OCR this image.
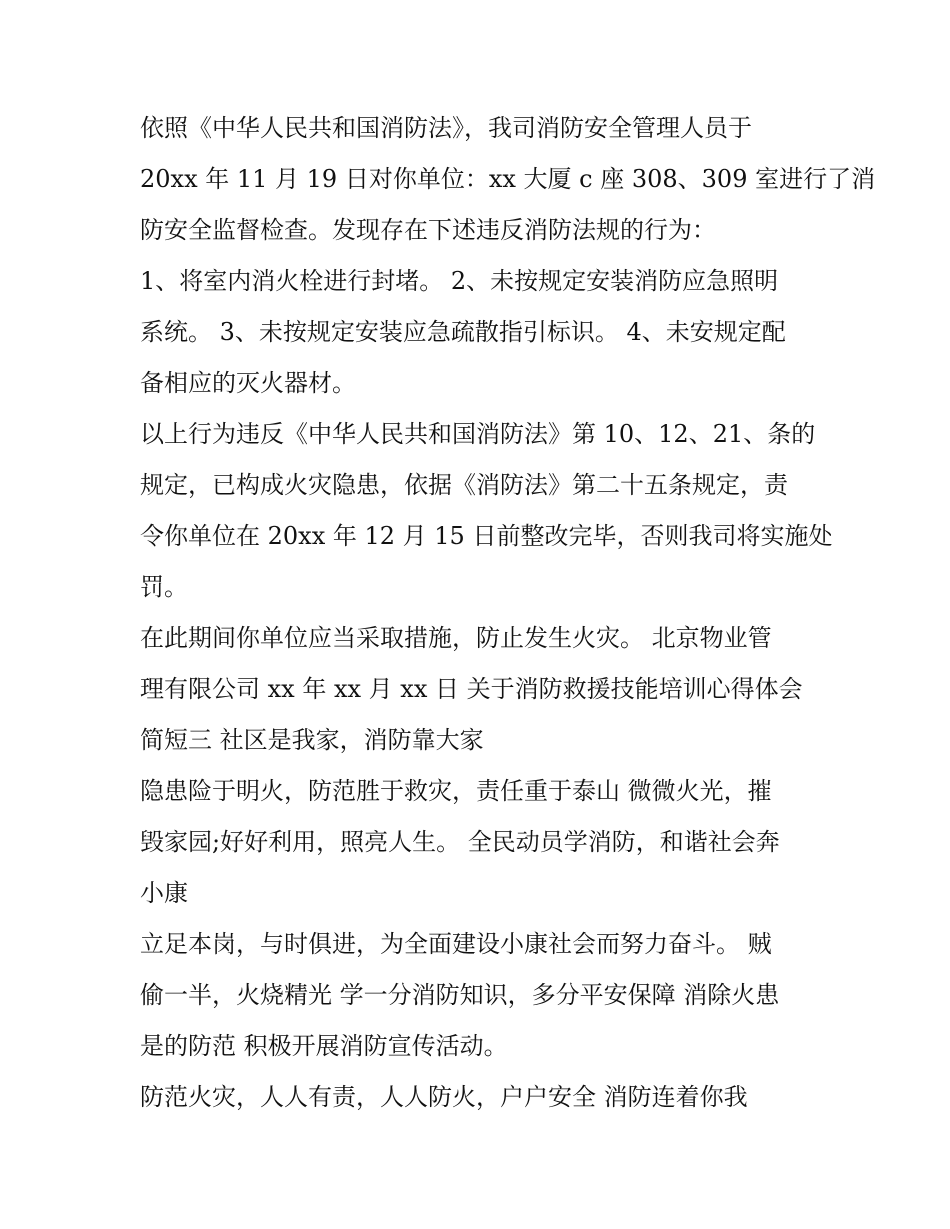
依照《中华人民共和国消防法》，我司消防安全管理人员于
20xx 年 11 月 19 日对你单位：xx 大厦 c 座 308、309 室进行了消
防安全监督检查。发现存在下述违反消防法规的行为：
1、将室内消火栓进行封堵。 2、未按规定安装消防应急照明
系统。 3、未按规定安装应急疏散指引标识。 4、未安规定配
备相应的灭火器材。
以上行为违反《中华人民共和国消防法》第 10、12、21、条的
规定，已构成火灾隐患，依据《消防法》第二十五条规定，责
令你单位在 20xx 年 12 月 15 日前整改完毕，否则我司将实施处
罚。
在此期间你单位应当采取措施，防止发生火灾。 北京物业管
理有限公司 xx 年 xx 月 xx 日 关于消防救援技能培训心得体会
简短三 社区是我家，消防靠大家
隐患险于明火，防范胜于救灾，责任重于泰山 微微火光，摧
毁家园;好好利用，照亮人生。 全民动员学消防，和谐社会奔
小康
立足本岗，与时俱进，为全面建设小康社会而努力奋斗。 贼
偷一半，火烧精光 学一分消防知识，多分平安保障 消除火患
是的防范 积极开展消防宣传活动。
防范火灾，人人有责，人人防火，户户安全 消防连着你我
